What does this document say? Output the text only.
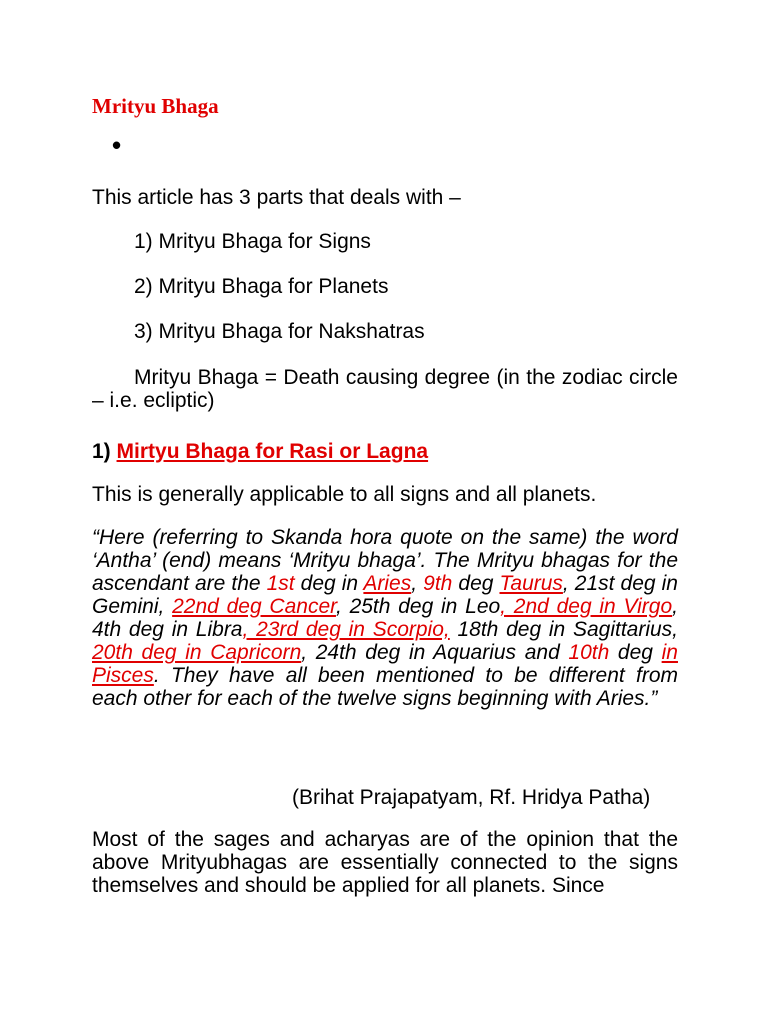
Mrityu Bhaga
•
This article has 3 parts that deals with –
1) Mrityu Bhaga for Signs
2) Mrityu Bhaga for Planets
3) Mrityu Bhaga for Nakshatras
Mrityu Bhaga = Death causing degree (in the zodiac circle – i.e. ecliptic)
1) Mirtyu Bhaga for Rasi or Lagna
This is generally applicable to all signs and all planets.
“Here (referring to Skanda hora quote on the same) the word ‘Antha’ (end) means ‘Mrityu bhaga’. The Mrityu bhagas for the ascendant are the 1st deg in Aries, 9th deg Taurus, 21st deg in Gemini, 22nd deg Cancer, 25th deg in Leo, 2nd deg in Virgo, 4th deg in Libra, 23rd deg in Scorpio, 18th deg in Sagittarius, 20th deg in Capricorn, 24th deg in Aquarius and 10th deg in Pisces. They have all been mentioned to be different from each other for each of the twelve signs beginning with Aries.”
(Brihat Prajapatyam, Rf. Hridya Patha)
Most of the sages and acharyas are of the opinion that the above Mrityubhagas are essentially connected to the signs themselves and should be applied for all planets. Since
